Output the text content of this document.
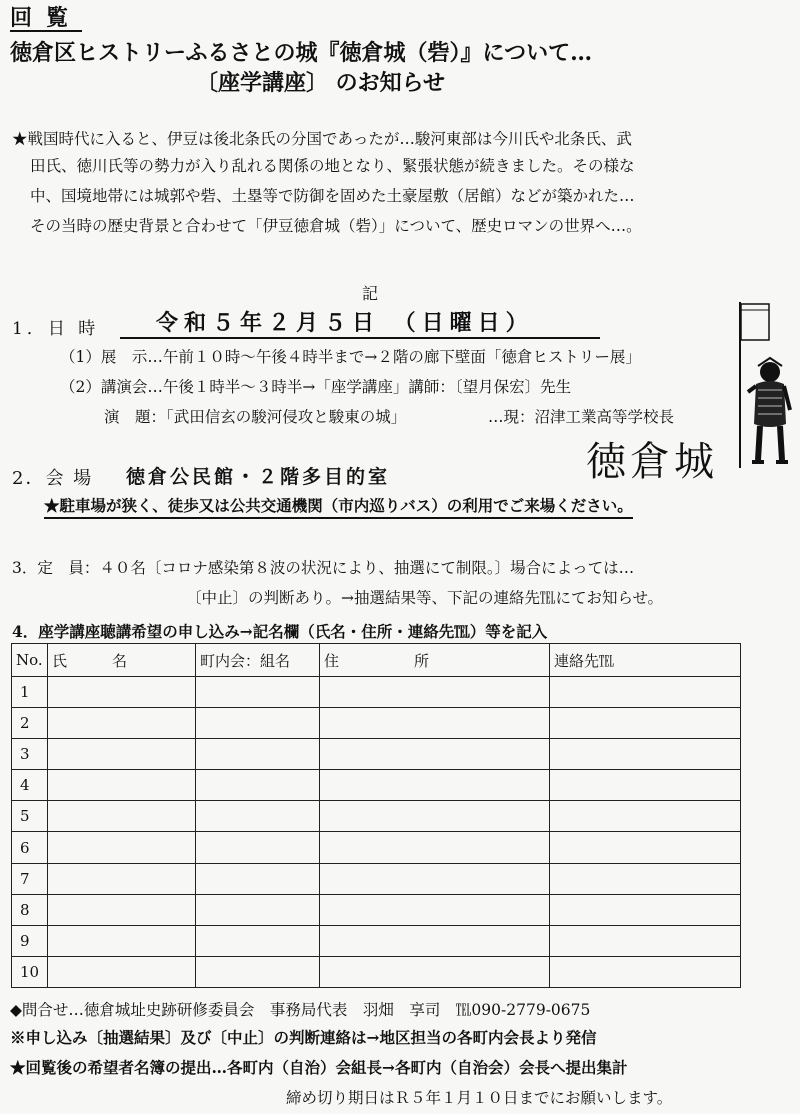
回覧
徳倉区ヒストリーふるさとの城『徳倉城（砦）』について…
〔座学講座〕 のお知らせ
★戦国時代に入ると、伊豆は後北条氏の分国であったが…駿河東部は今川氏や北条氏、武
田氏、徳川氏等の勢力が入り乱れる関係の地となり、緊張状態が続きました。その様な
中、国境地帯には城郭や砦、土塁等で防御を固めた土豪屋敷（居館）などが築かれた…
その当時の歴史背景と合わせて「伊豆徳倉城（砦）」について、歴史ロマンの世界へ…。
記
1．日 時	令和５年２月５日 （日曜日）
（1）展　示…午前１０時～午後４時半まで→２階の廊下壁面「徳倉ヒストリー展」
（2）講演会…午後１時半～３時半→「座学講座」講師：〔望月保宏〕先生
演　題：「武田信玄の駿河侵攻と駿東の城」	…現：沼津工業高等学校長
徳倉城
2．会 場 徳倉公民館・２階多目的室
★駐車場が狭く、徒歩又は公共交通機関（市内巡りバス）の利用でご来場ください。
3．定　員：４０名〔コロナ感染第８波の状況により、抽選にて制限。〕場合によっては…
〔中止〕の判断あり。→抽選結果等、下記の連絡先℡にてお知らせ。
4．座学講座聴講希望の申し込み→記名欄（氏名・住所・連絡先℡）等を記入
No.	氏　　　名	町内会：組名	住　　　　　所	連絡先℡
1				
2				
3				
4				
5				
6				
7				
8				
9				
10				
◆問合せ…徳倉城址史跡研修委員会　事務局代表　羽畑　享司　℡090-2779-0675
※申し込み〔抽選結果〕及び〔中止〕の判断連絡は→地区担当の各町内会長より発信
★回覧後の希望者名簿の提出…各町内（自治）会組長→各町内（自治会）会長へ提出集計
締め切り期日はＲ５年１月１０日までにお願いします。
